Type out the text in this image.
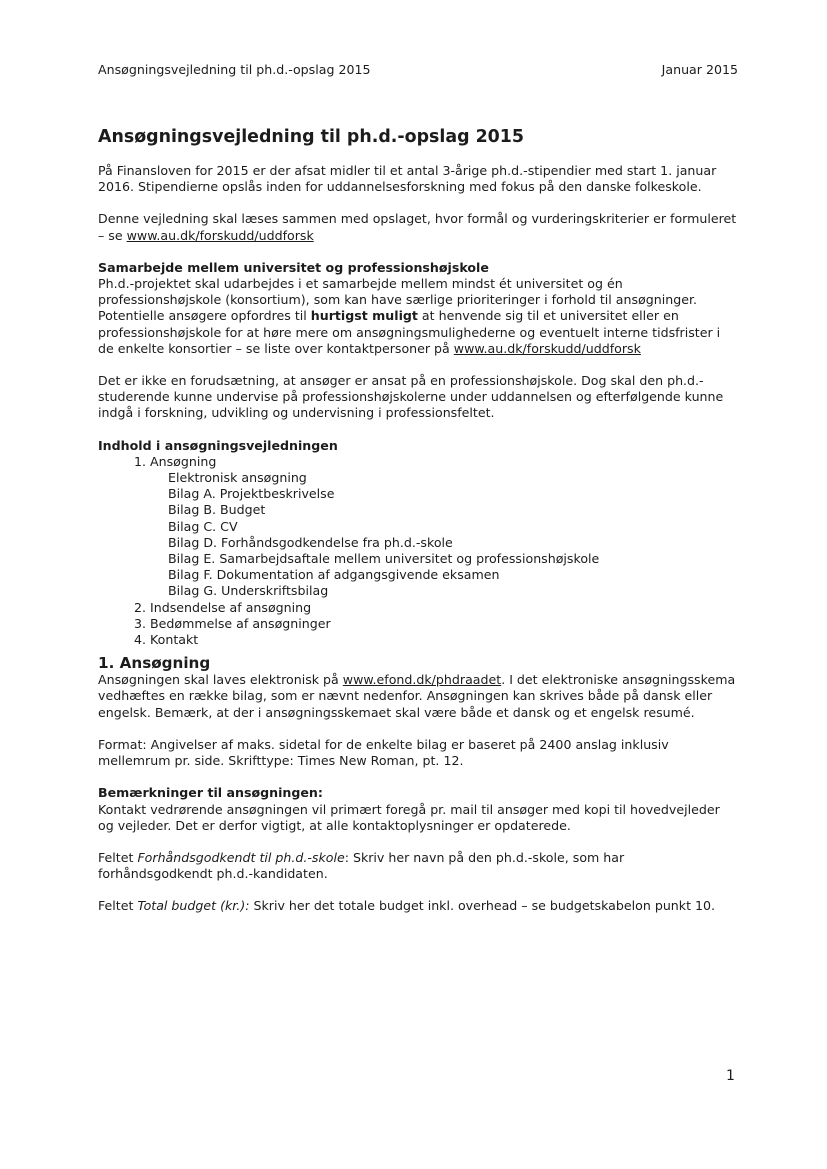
Ansøgningsvejledning til ph.d.-opslag 2015	Januar 2015
Ansøgningsvejledning til ph.d.-opslag 2015

På Finansloven for 2015 er der afsat midler til et antal 3-årige ph.d.-stipendier med start 1. januar 2016. Stipendierne opslås inden for uddannelsesforskning med fokus på den danske folkeskole.

Denne vejledning skal læses sammen med opslaget, hvor formål og vurderingskriterier er formuleret – se www.au.dk/forskudd/uddforsk

Samarbejde mellem universitet og professionshøjskole
Ph.d.-projektet skal udarbejdes i et samarbejde mellem mindst ét universitet og én professionshøjskole (konsortium), som kan have særlige prioriteringer i forhold til ansøgninger. Potentielle ansøgere opfordres til hurtigst muligt at henvende sig til et universitet eller en professionshøjskole for at høre mere om ansøgningsmulighederne og eventuelt interne tidsfrister i de enkelte konsortier – se liste over kontaktpersoner på www.au.dk/forskudd/uddforsk

Det er ikke en forudsætning, at ansøger er ansat på en professionshøjskole. Dog skal den ph.d.-studerende kunne undervise på professionshøjskolerne under uddannelsen og efterfølgende kunne indgå i forskning, udvikling og undervisning i professionsfeltet.

Indhold i ansøgningsvejledningen
1. Ansøgning
Elektronisk ansøgning
Bilag A. Projektbeskrivelse
Bilag B. Budget
Bilag C. CV
Bilag D. Forhåndsgodkendelse fra ph.d.-skole
Bilag E. Samarbejdsaftale mellem universitet og professionshøjskole
Bilag F. Dokumentation af adgangsgivende eksamen
Bilag G. Underskriftsbilag
2. Indsendelse af ansøgning
3. Bedømmelse af ansøgninger
4. Kontakt
1. Ansøgning

Ansøgningen skal laves elektronisk på www.efond.dk/phdraadet. I det elektroniske ansøgningsskema vedhæftes en række bilag, som er nævnt nedenfor. Ansøgningen kan skrives både på dansk eller engelsk. Bemærk, at der i ansøgningsskemaet skal være både et dansk og et engelsk resumé.

Format: Angivelser af maks. sidetal for de enkelte bilag er baseret på 2400 anslag inklusiv mellemrum pr. side. Skrifttype: Times New Roman, pt. 12.

Bemærkninger til ansøgningen:
Kontakt vedrørende ansøgningen vil primært foregå pr. mail til ansøger med kopi til hovedvejleder og vejleder. Det er derfor vigtigt, at alle kontaktoplysninger er opdaterede.

Feltet Forhåndsgodkendt til ph.d.-skole: Skriv her navn på den ph.d.-skole, som har forhåndsgodkendt ph.d.-kandidaten.

Feltet Total budget (kr.): Skriv her det totale budget inkl. overhead – se budgetskabelon punkt 10.

1
